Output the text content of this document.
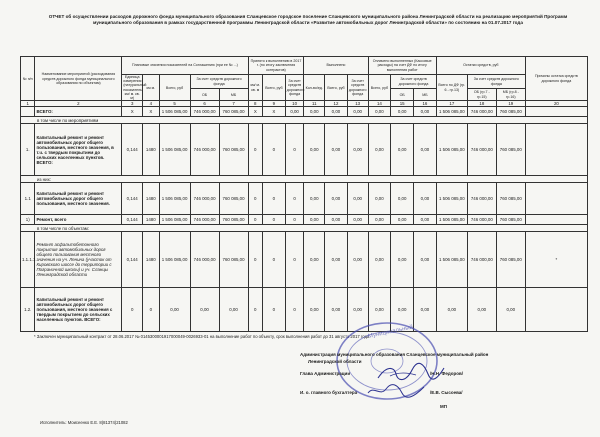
ОТЧЕТ об осуществлении расходов дорожного фонда муниципального образования Сланцевское городское поселение Сланцевского муниципального района Ленинградской области на реализацию мероприятий Программ
муниципального образования в рамках государственной программы Ленинградской области «Развитие автомобильных дорог Ленинградской области» по состоянию на 01.07.2017 года
№ п/п	Наименование мероприятий (расходования средств дорожного фонда муниципального образования по объектам)	Плановые значения показателей на Соглашению (при ее № ...)					Принято к выполнению в 2017 г. (по итогу заключения контрактов)			Выполнено			Оплачено выполненных (Кассовые расходы) на счет ДФ по итогу выполнения работ			Остатки средств, руб			Причины остатка средств дорожного фонда
		Единица измерения (натуральный показатель, км/ м. кв. м)	км м.	Всего, руб	За счет средств дорожного фонда		км/ м. кв. м	Всего, руб	За счет средств дорожного фонда	Кол-во/ед.	Всего, руб	За счет средств дорожного фонда	Всего, руб	За счет средств дорожного фонда		Всего по ДФ (гр. 6 - гр.13)	За счет средств дорожного фонда		
					ОБ	МБ								ОБ	МБ		ОБ (гр.7 - гр.15)	МБ (гр.8 - гр.16)	
1	2	3	4	5	6	7	8	9	10	11	12	13	14	15	16	17	18	19	20
	ВСЕГО:	X	X	1 506 085,00	746 000,00	760 085,00	X	X	0,00	0,00	0,00	0,00	0,00	0,00	0,00	1 506 085,00	746 000,00	760 085,00	
в том числе по мероприятиям																			
1.	Капитальный ремонт и ремонт автомобильных дорог общего пользования, местного значения, в т.ч. с твердым покрытием до сельских населенных пунктов. ВСЕГО:	0,144	1480	1 506 085,00	746 000,00	760 085,00	0	0	0	0,00	0,00	0,00	0,00	0,00	0,00	1 506 085,00	746 000,00	760 085,00	
из них:																			
1.1	Капитальный ремонт и ремонт автомобильных дорог общего пользования, местного значения.	0,144	1480	1 506 085,00	746 000,00	760 085,00	0	0	0	0,00	0,00	0,00	0,00	0,00	0,00	1 506 085,00	746 000,00	760 085,00	
1)	Ремонт, всего	0,144	1480	1 506 085,00	746 000,00	760 085,00	0	0	0	0,00	0,00	0,00	0,00	0,00	0,00	1 506 085,00	746 000,00	760 085,00	
в том числе по объектам:																			
1.1.1.1	Ремонт асфальтобетонного покрытия автомобильных дорог общего пользования местного значения на уч. Ленина (участок от Кировского шоссе до территории с Пограничной школы) и уч. Сланцы Ленинградской области	0,144	1480	1 506 085,00	746 000,00	760 085,00	0	0	0	0,00	0,00	0,00	0,00	0,00	0,00	1 506 085,00	746 000,00	760 085,00	*
1.2.	Капитальный ремонт и ремонт автомобильных дорог общего пользования, местного значения с твердым покрытием до сельских населенных пунктов. ВСЕГО:	0	0	0,00	0,00	0,00	0	0	0	0,00	0,00	0,00	0,00	0,00	0,00	0,00	0,00	0,00	
* Заключен муниципальный контракт от 28.06.2017 № 0145300001917000049-0026933-01 на выполнение работ по объекту, срок выполнения работ до 31 августа 2017 года
Муниципальный
Администрация муниципального образования Сланцевское муниципальный район
Ленинградской области
Глава Администрации	/Н.Н. Федоров/
И. о. главного бухгалтера	/Е.В. Сысоева/
МП
Исполнитель: Моисеенко Е.Е. 8(81374)21082
